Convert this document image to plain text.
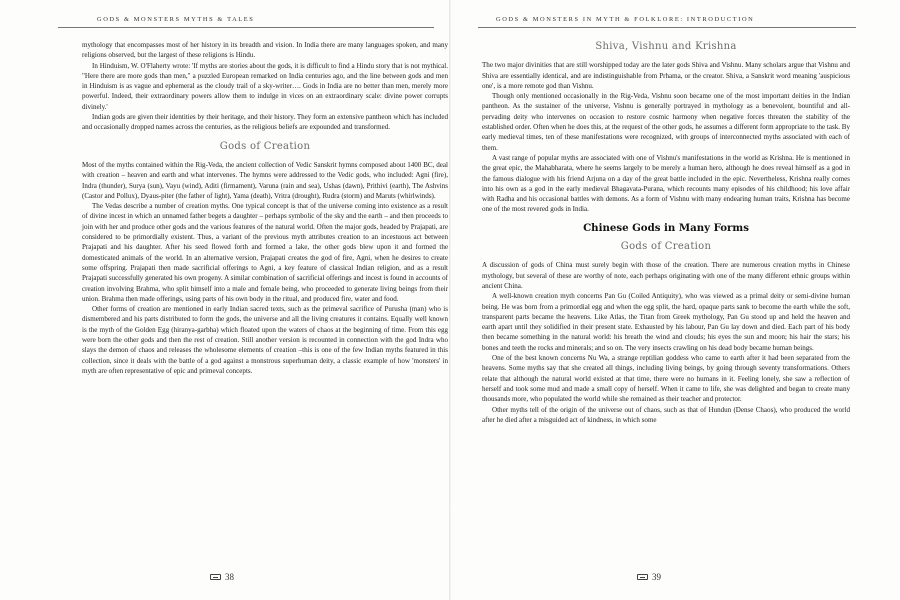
GODS & MONSTERS MYTHS & TALES

mythology that encompasses most of her history in its breadth and vision. In India there are many languages spoken, and many religions observed, but the largest of these religions is Hindu.

In Hinduism, W. O'Flaherty wrote: 'If myths are stories about the gods, it is difficult to find a Hindu story that is not mythical. "Here there are more gods than men," a puzzled European remarked on India centuries ago, and the line between gods and men in Hinduism is as vague and ephemeral as the cloudy trail of a sky-writer…. Gods in India are no better than men, merely more powerful. Indeed, their extraordinary powers allow them to indulge in vices on an extraordinary scale: divine power corrupts divinely.'

Indian gods are given their identities by their heritage, and their history. They form an extensive pantheon which has included and occasionally dropped names across the centuries, as the religious beliefs are expounded and transformed.

Gods of Creation

Most of the myths contained within the Rig-Veda, the ancient collection of Vedic Sanskrit hymns composed about 1400 BC, deal with creation – heaven and earth and what intervenes. The hymns were addressed to the Vedic gods, who included: Agni (fire), Indra (thunder), Surya (sun), Vayu (wind), Aditi (firmament), Varuna (rain and sea), Ushas (dawn), Prithivi (earth), The Ashvins (Castor and Pollux), Dyaus-piter (the father of light), Yama (death), Vritra (drought), Rudra (storm) and Maruts (whirlwinds).

The Vedas describe a number of creation myths. One typical concept is that of the universe coming into existence as a result of divine incest in which an unnamed father begets a daughter – perhaps symbolic of the sky and the earth – and then proceeds to join with her and produce other gods and the various features of the natural world. Often the major gods, headed by Prajapati, are considered to be primordially existent. Thus, a variant of the previous myth attributes creation to an incestuous act between Prajapati and his daughter. After his seed flowed forth and formed a lake, the other gods blew upon it and formed the domesticated animals of the world. In an alternative version, Prajapati creates the god of fire, Agni, when he desires to create some offspring. Prajapati then made sacrificial offerings to Agni, a key feature of classical Indian religion, and as a result Prajapati successfully generated his own progeny. A similar combination of sacrificial offerings and incest is found in accounts of creation involving Brahma, who split himself into a male and female being, who proceeded to generate living beings from their union. Brahma then made offerings, using parts of his own body in the ritual, and produced fire, water and food.

Other forms of creation are mentioned in early Indian sacred texts, such as the primeval sacrifice of Purusha (man) who is dismembered and his parts distributed to form the gods, the universe and all the living creatures it contains. Equally well known is the myth of the Golden Egg (hiranya-garbha) which floated upon the waters of chaos at the beginning of time. From this egg were born the other gods and then the rest of creation. Still another version is recounted in connection with the god Indra who slays the demon of chaos and releases the wholesome elements of creation –this is one of the few Indian myths featured in this collection, since it deals with the battle of a god against a monstrous superhuman deity, a classic example of how 'monsters' in myth are often representative of epic and primeval concepts.

38
GODS & MONSTERS IN MYTH & FOLKLORE: INTRODUCTION
Shiva, Vishnu and Krishna

The two major divinities that are still worshipped today are the later gods Shiva and Vishnu. Many scholars argue that Vishnu and Shiva are essentially identical, and are indistinguishable from Prhama, or the creator. Shiva, a Sanskrit word meaning 'auspicious one', is a more remote god than Vishnu.

Though only mentioned occasionally in the Rig-Veda, Vishnu soon became one of the most important deities in the Indian pantheon. As the sustainer of the universe, Vishnu is generally portrayed in mythology as a benevolent, bountiful and all-pervading deity who intervenes on occasion to restore cosmic harmony when negative forces threaten the stability of the established order. Often when he does this, at the request of the other gods, he assumes a different form appropriate to the task. By early medieval times, ten of these manifestations were recognized, with groups of interconnected myths associated with each of them.

A vast range of popular myths are associated with one of Vishnu's manifestations in the world as Krishna. He is mentioned in the great epic, the Mahabharata, where he seems largely to be merely a human hero, although he does reveal himself as a god in the famous dialogue with his friend Arjuna on a day of the great battle included in the epic. Nevertheless, Krishna really comes into his own as a god in the early medieval Bhagavata-Purana, which recounts many episodes of his childhood; his love affair with Radha and his occasional battles with demons. As a form of Vishnu with many endearing human traits, Krishna has become one of the most revered gods in India.

Chinese Gods in Many Forms
Gods of Creation

A discussion of gods of China must surely begin with those of the creation. There are numerous creation myths in Chinese mythology, but several of these are worthy of note, each perhaps originating with one of the many different ethnic groups within ancient China.

A well-known creation myth concerns Pan Gu (Coiled Antiquity), who was viewed as a primal deity or semi-divine human being. He was born from a primordial egg and when the egg split, the hard, opaque parts sank to become the earth while the soft, transparent parts became the heavens. Like Atlas, the Titan from Greek mythology, Pan Gu stood up and held the heaven and earth apart until they solidified in their present state. Exhausted by his labour, Pan Gu lay down and died. Each part of his body then became something in the natural world: his breath the wind and clouds; his eyes the sun and moon; his hair the stars; his bones and teeth the rocks and minerals; and so on. The very insects crawling on his dead body became human beings.

One of the best known concerns Nu Wa, a strange reptilian goddess who came to earth after it had been separated from the heavens. Some myths say that she created all things, including living beings, by going through seventy transformations. Others relate that although the natural world existed at that time, there were no humans in it. Feeling lonely, she saw a reflection of herself and took some mud and made a small copy of herself. When it came to life, she was delighted and began to create many thousands more, who populated the world while she remained as their teacher and protector.

Other myths tell of the origin of the universe out of chaos, such as that of Hundun (Dense Chaos), who produced the world after he died after a misguided act of kindness, in which some

39
